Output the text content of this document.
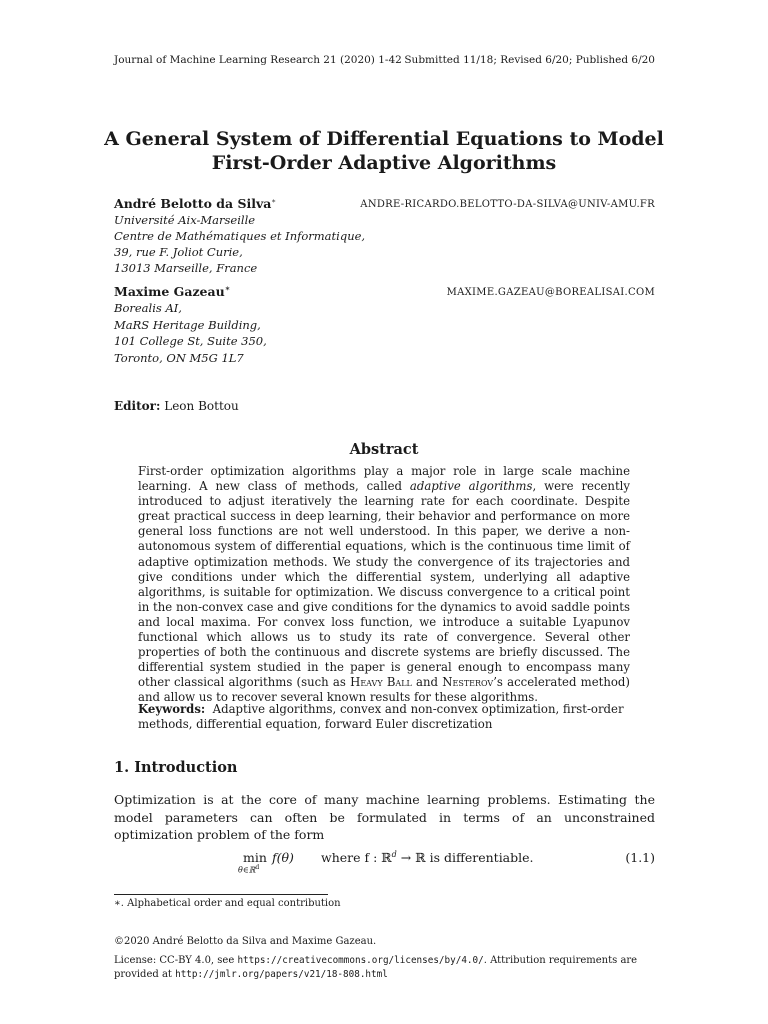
Journal of Machine Learning Research 21 (2020) 1-42 Submitted 11/18; Revised 6/20; Published 6/20
A General System of Differential Equations to Model
First-Order Adaptive Algorithms
André Belotto da Silva∗
Université Aix-Marseille
Centre de Mathématiques et Informatique,
39, rue F. Joliot Curie,
13013 Marseille, France
ANDRE-RICARDO.BELOTTO-DA-SILVA@UNIV-AMU.FR
Maxime Gazeau∗
Borealis AI,
MaRS Heritage Building,
101 College St, Suite 350,
Toronto, ON M5G 1L7
MAXIME.GAZEAU@BOREALISAI.COM
Editor: Leon Bottou
Abstract

First-order optimization algorithms play a major role in large scale machine learning. A new class of methods, called adaptive algorithms, were recently introduced to adjust iteratively the learning rate for each coordinate. Despite great practical success in deep learning, their behavior and performance on more general loss functions are not well understood. In this paper, we derive a non-autonomous system of differential equations, which is the continuous time limit of adaptive optimization methods. We study the convergence of its trajectories and give conditions under which the differential system, underlying all adaptive algorithms, is suitable for optimization. We discuss convergence to a critical point in the non-convex case and give conditions for the dynamics to avoid saddle points and local maxima. For convex loss function, we introduce a suitable Lyapunov functional which allows us to study its rate of convergence. Several other properties of both the continuous and discrete systems are briefly discussed. The differential system studied in the paper is general enough to encompass many other classical algorithms (such as Heavy Ball and Nesterov’s accelerated method) and allow us to recover several known results for these algorithms.

Keywords: Adaptive algorithms, convex and non-convex optimization, first-order methods, differential equation, forward Euler discretization
1. Introduction
Optimization is at the core of many machine learning problems. Estimating the model parameters can often be formulated in terms of an unconstrained optimization problem of the form
min
θ∈ℝ$^d$
f(θ) where f : ℝ$^d$ → ℝ is differentiable.	(1.1)
∗. Alphabetical order and equal contribution
©2020 André Belotto da Silva and Maxime Gazeau.
License: CC-BY 4.0, see https://creativecommons.org/licenses/by/4.0/. Attribution requirements are provided at http://jmlr.org/papers/v21/18-808.html
